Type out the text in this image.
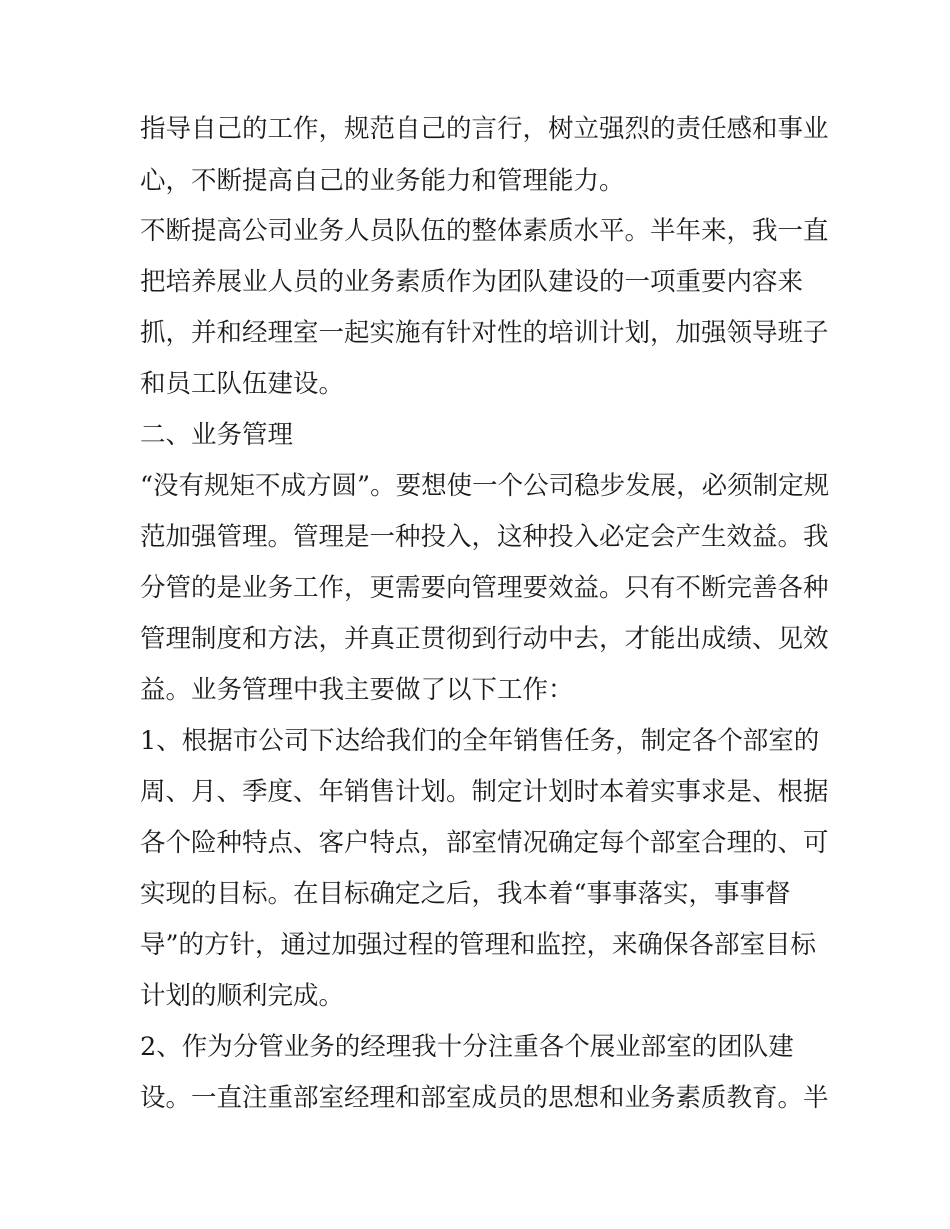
指导自己的工作，规范自己的言行，树立强烈的责任感和事业
心，不断提高自己的业务能力和管理能力。
不断提高公司业务人员队伍的整体素质水平。半年来，我一直
把培养展业人员的业务素质作为团队建设的一项重要内容来
抓，并和经理室一起实施有针对性的培训计划，加强领导班子
和员工队伍建设。
二、业务管理
“没有规矩不成方圆”。要想使一个公司稳步发展，必须制定规
范加强管理。管理是一种投入，这种投入必定会产生效益。我
分管的是业务工作，更需要向管理要效益。只有不断完善各种
管理制度和方法，并真正贯彻到行动中去，才能出成绩、见效
益。业务管理中我主要做了以下工作：
1、根据市公司下达给我们的全年销售任务，制定各个部室的
周、月、季度、年销售计划。制定计划时本着实事求是、根据
各个险种特点、客户特点，部室情况确定每个部室合理的、可
实现的目标。在目标确定之后，我本着“事事落实，事事督
导”的方针，通过加强过程的管理和监控，来确保各部室目标
计划的顺利完成。
2、作为分管业务的经理我十分注重各个展业部室的团队建
设。一直注重部室经理和部室成员的思想和业务素质教育。半
